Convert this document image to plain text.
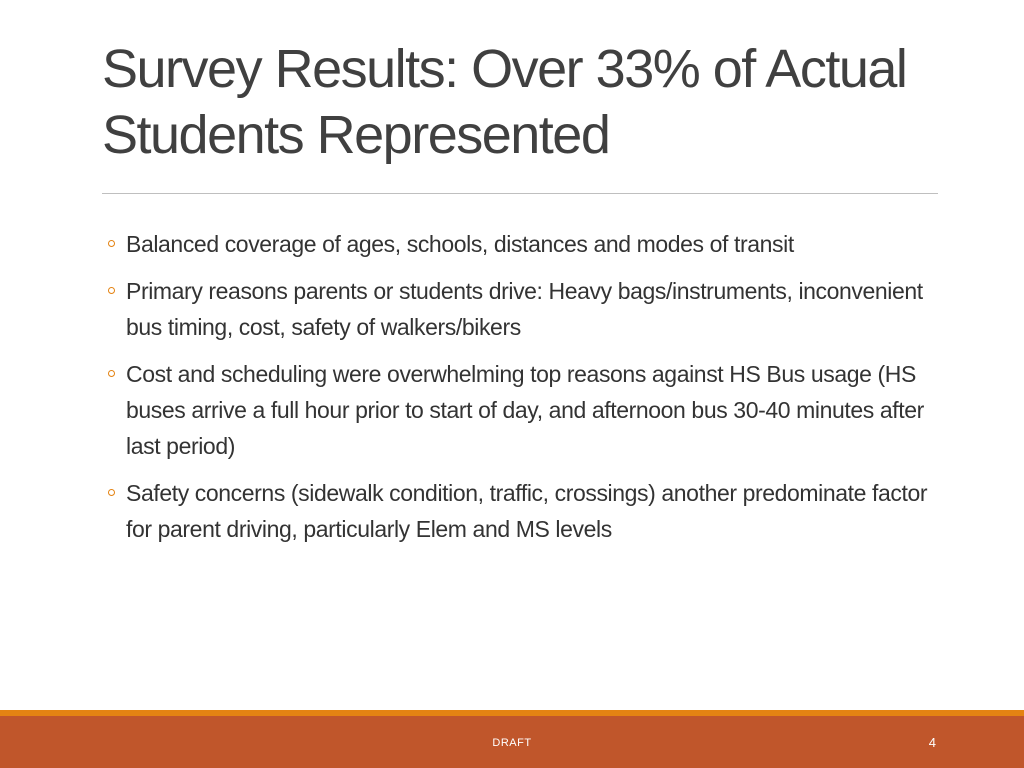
Survey Results: Over 33% of Actual Students Represented
Balanced coverage of ages, schools, distances and modes of transit
Primary reasons parents or students drive: Heavy bags/instruments, inconvenient bus timing, cost, safety of walkers/bikers
Cost and scheduling were overwhelming top reasons against HS Bus usage (HS buses arrive a full hour prior to start of day, and afternoon bus 30-40 minutes after last period)
Safety concerns (sidewalk condition, traffic, crossings) another predominate factor for parent driving, particularly Elem and MS levels
DRAFT	4
